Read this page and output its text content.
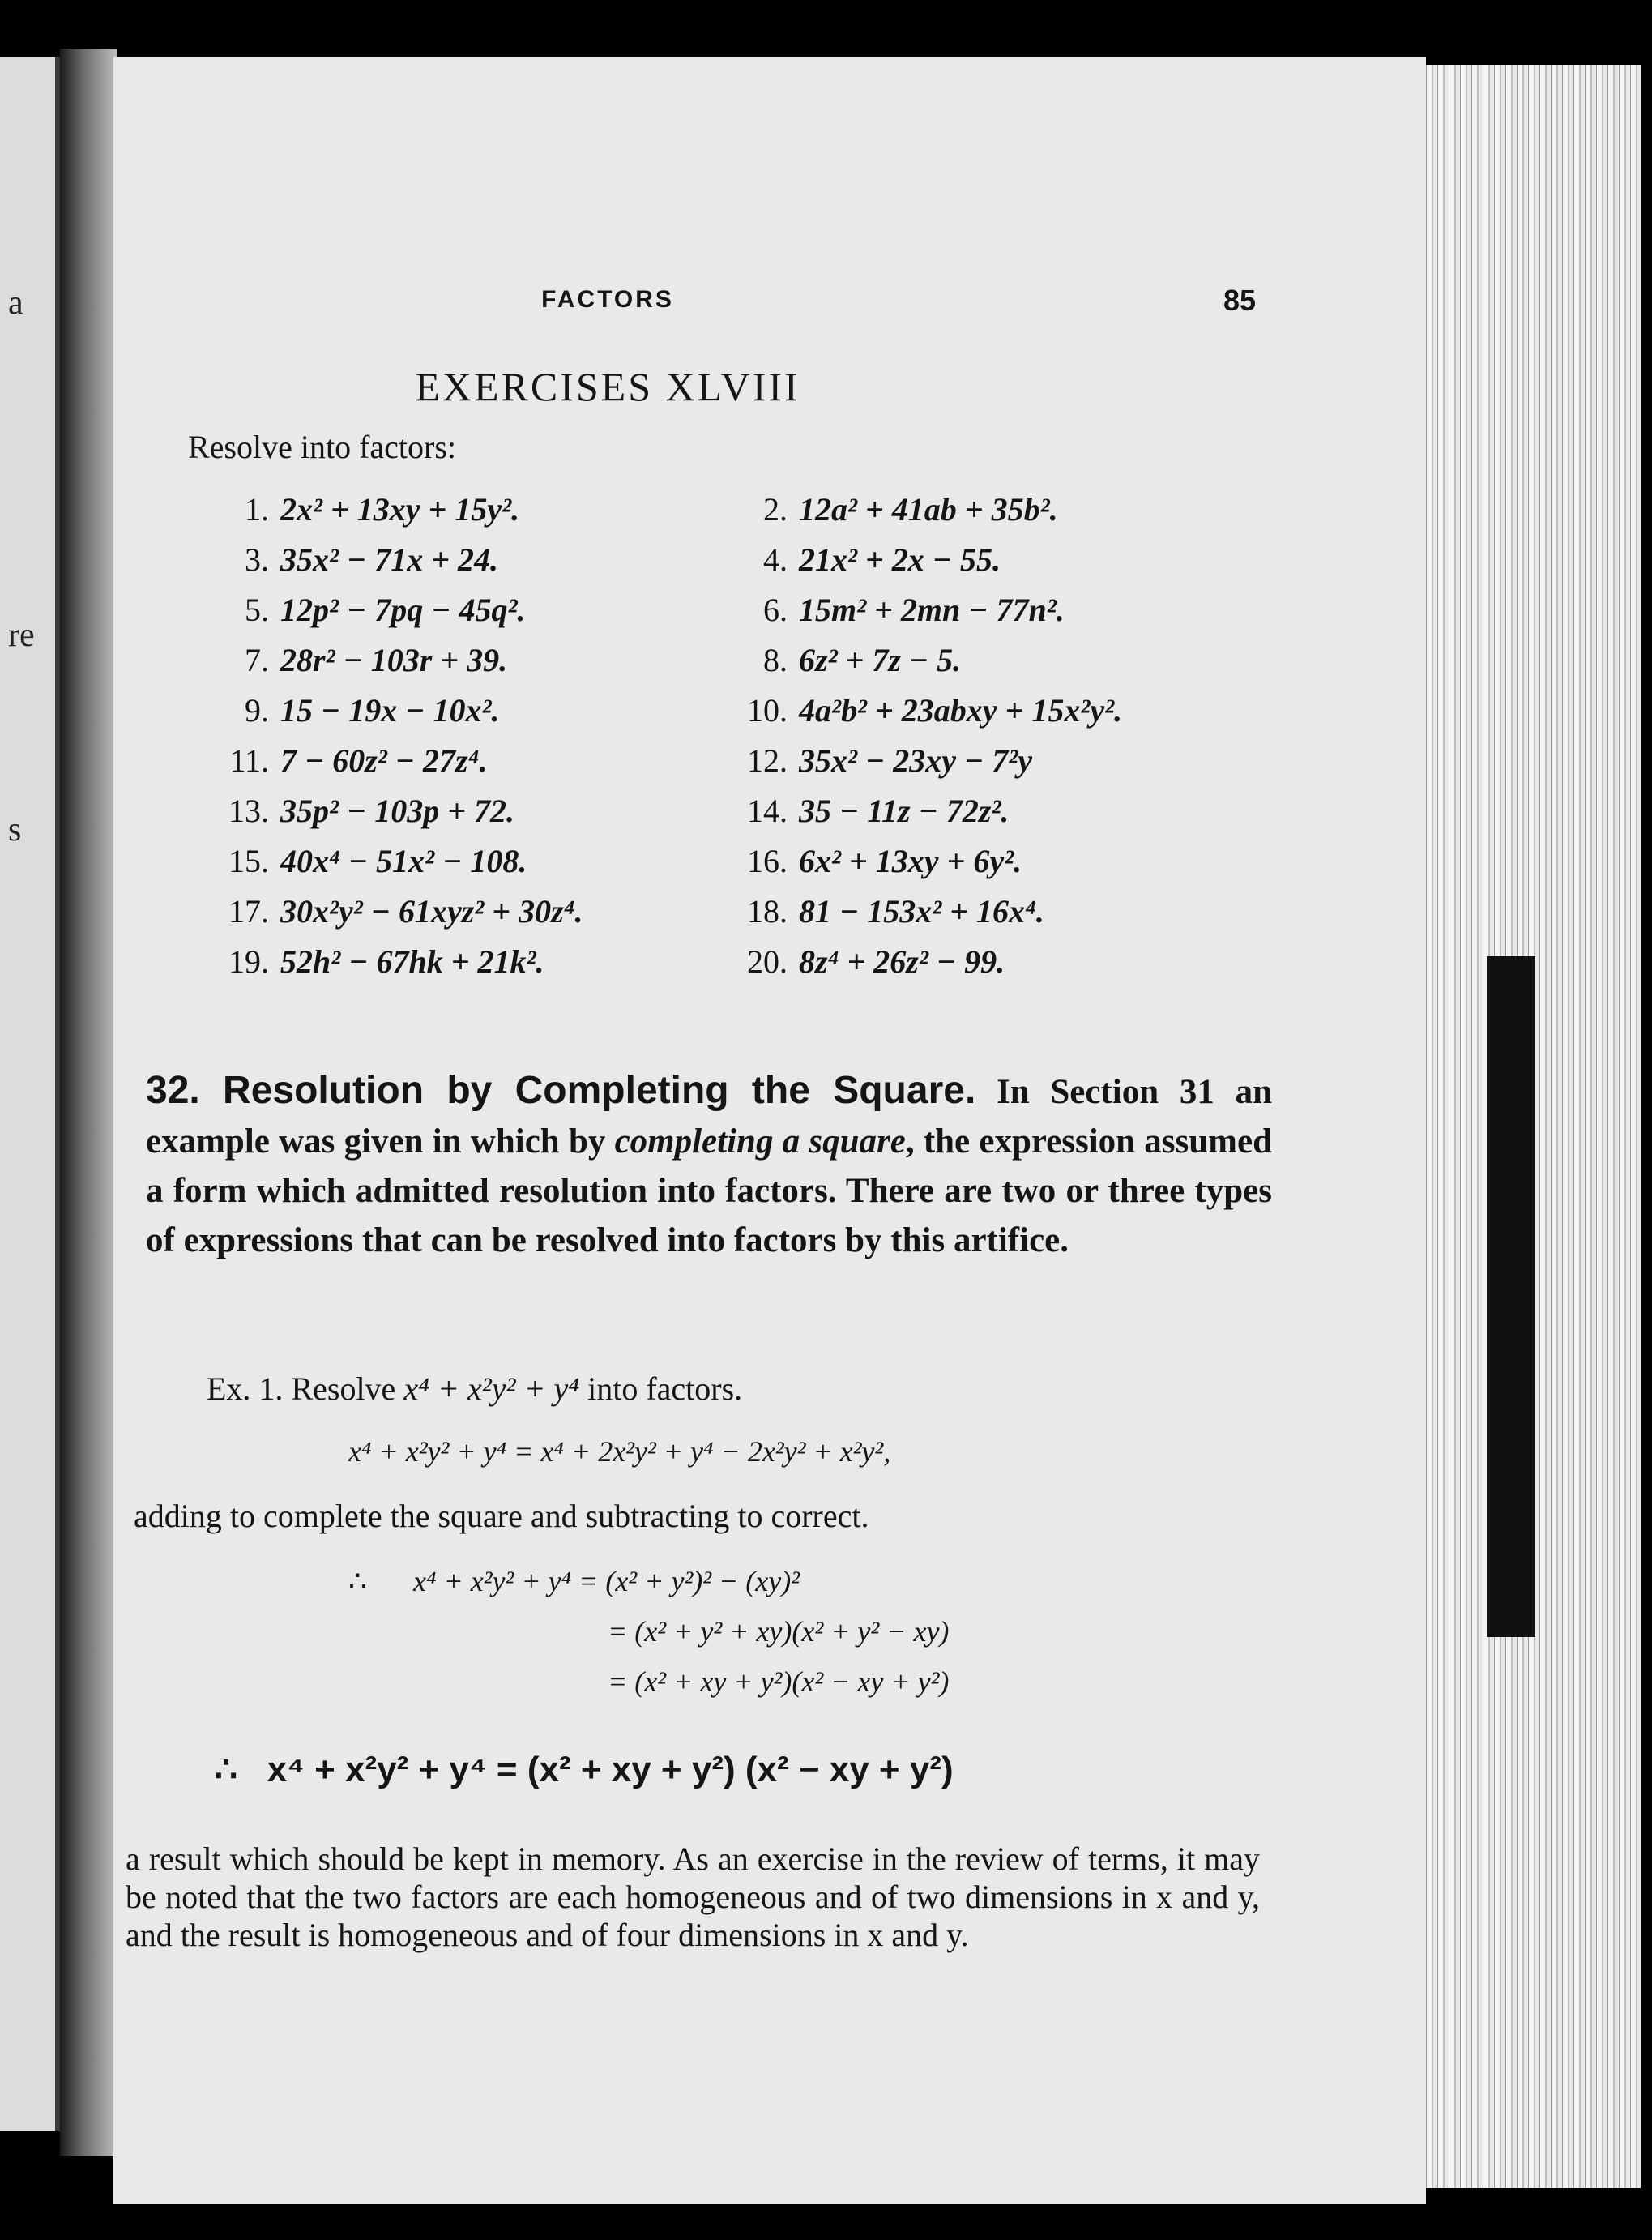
a
re
s
FACTORS	85
EXERCISES XLVIII
Resolve into factors:
1. 2x² + 13xy + 15y².	2. 12a² + 41ab + 35b².
3. 35x² − 71x + 24.	4. 21x² + 2x − 55.
5. 12p² − 7pq − 45q².	6. 15m² + 2mn − 77n².
7. 28r² − 103r + 39.	8. 6z² + 7z − 5.
9. 15 − 19x − 10x².	10. 4a²b² + 23abxy + 15x²y².
11. 7 − 60z² − 27z⁴.	12. 35x² − 23xy − 7²y
13. 35p² − 103p + 72.	14. 35 − 11z − 72z².
15. 40x⁴ − 51x² − 108.	16. 6x² + 13xy + 6y².
17. 30x²y² − 61xyz² + 30z⁴.	18. 81 − 153x² + 16x⁴.
19. 52h² − 67hk + 21k².	20. 8z⁴ + 26z² − 99.
32. Resolution by Completing the Square. In Section 31 an example was given in which by completing a square, the expression assumed a form which admitted resolution into factors. There are two or three types of expressions that can be resolved into factors by this artifice.
Ex. 1. Resolve x⁴ + x²y² + y⁴ into factors.
x⁴ + x²y² + y⁴ = x⁴ + 2x²y² + y⁴ − 2x²y² + x²y²,
adding to complete the square and subtracting to correct.
∴ x⁴ + x²y² + y⁴ = (x² + y²)² − (xy)²
= (x² + y² + xy)(x² + y² − xy)
= (x² + xy + y²)(x² − xy + y²)
∴ x⁴ + x²y² + y⁴ = (x² + xy + y²) (x² − xy + y²)
a result which should be kept in memory. As an exercise in the review of terms, it may be noted that the two factors are each homogeneous and of two dimensions in x and y, and the result is homogeneous and of four dimensions in x and y.
